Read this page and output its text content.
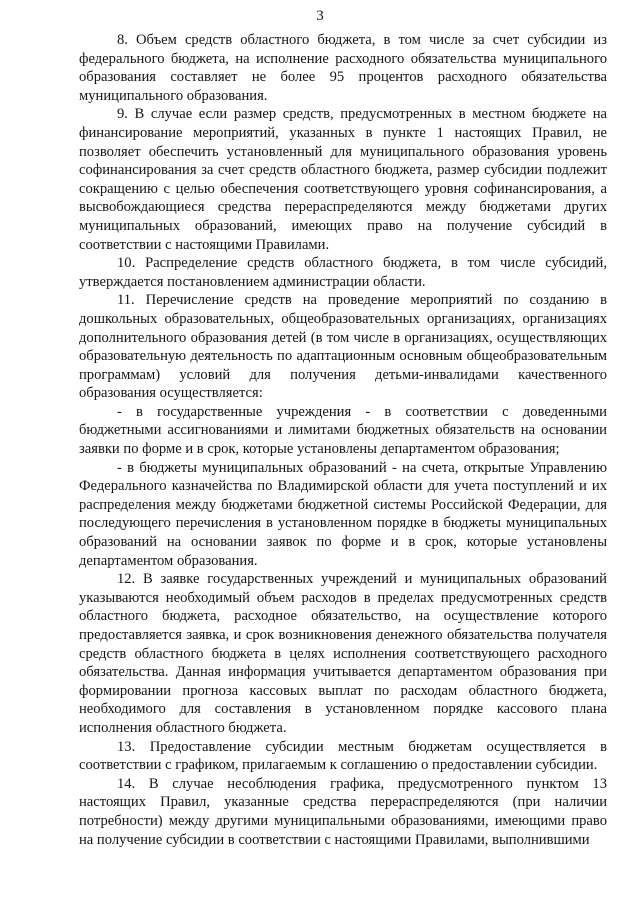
3

8. Объем средств областного бюджета, в том числе за счет субсидии из федерального бюджета, на исполнение расходного обязательства муниципального образования составляет не более 95 процентов расходного обязательства муниципального образования.

9. В случае если размер средств, предусмотренных в местном бюджете на финансирование мероприятий, указанных в пункте 1 настоящих Правил, не позволяет обеспечить установленный для муниципального образования уровень софинансирования за счет средств областного бюджета, размер субсидии подлежит сокращению с целью обеспечения соответствующего уровня софинансирования, а высвобождающиеся средства перераспределяются между бюджетами других муниципальных образований, имеющих право на получение субсидий в соответствии с настоящими Правилами.

10. Распределение средств областного бюджета, в том числе субсидий, утверждается постановлением администрации области.

11. Перечисление средств на проведение мероприятий по созданию в дошкольных образовательных, общеобразовательных организациях, организациях дополнительного образования детей (в том числе в организациях, осуществляющих образовательную деятельность по адаптационным основным общеобразовательным программам) условий для получения детьми-инвалидами качественного образования осуществляется:

- в государственные учреждения - в соответствии с доведенными бюджетными ассигнованиями и лимитами бюджетных обязательств на основании заявки по форме и в срок, которые установлены департаментом образования;

- в бюджеты муниципальных образований - на счета, открытые Управлению Федерального казначейства по Владимирской области для учета поступлений и их распределения между бюджетами бюджетной системы Российской Федерации, для последующего перечисления в установленном порядке в бюджеты муниципальных образований на основании заявок по форме и в срок, которые установлены департаментом образования.

12. В заявке государственных учреждений и муниципальных образований указываются необходимый объем расходов в пределах предусмотренных средств областного бюджета, расходное обязательство, на осуществление которого предоставляется заявка, и срок возникновения денежного обязательства получателя средств областного бюджета в целях исполнения соответствующего расходного обязательства. Данная информация учитывается департаментом образования при формировании прогноза кассовых выплат по расходам областного бюджета, необходимого для составления в установленном порядке кассового плана исполнения областного бюджета.

13. Предоставление субсидии местным бюджетам осуществляется в соответствии с графиком, прилагаемым к соглашению о предоставлении субсидии.

14. В случае несоблюдения графика, предусмотренного пунктом 13 настоящих Правил, указанные средства перераспределяются (при наличии потребности) между другими муниципальными образованиями, имеющими право на получение субсидии в соответствии с настоящими Правилами, выполнившими
